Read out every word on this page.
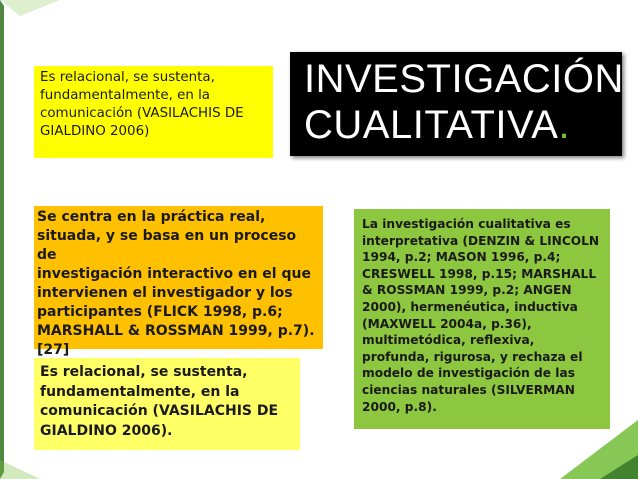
INVESTIGACIÓN
CUALITATIVA.
Es relacional, se sustenta,
fundamentalmente, en la
comunicación (VASILACHIS DE
GIALDINO 2006)
Se centra en la práctica real,
situada, y se basa en un proceso de
investigación interactivo en el que
intervienen el investigador y los
participantes (FLICK 1998, p.6;
MARSHALL & ROSSMAN 1999, p.7).
[27]
Es relacional, se sustenta,
fundamentalmente, en la
comunicación (VASILACHIS DE
GIALDINO 2006).
La investigación cualitativa es
interpretativa (DENZIN & LINCOLN
1994, p.2; MASON 1996, p.4;
CRESWELL 1998, p.15; MARSHALL
& ROSSMAN 1999, p.2; ANGEN
2000), hermenéutica, inductiva
(MAXWELL 2004a, p.36),
multimetódica, reflexiva,
profunda, rigurosa, y rechaza el
modelo de investigación de las
ciencias naturales (SILVERMAN
2000, p.8).
